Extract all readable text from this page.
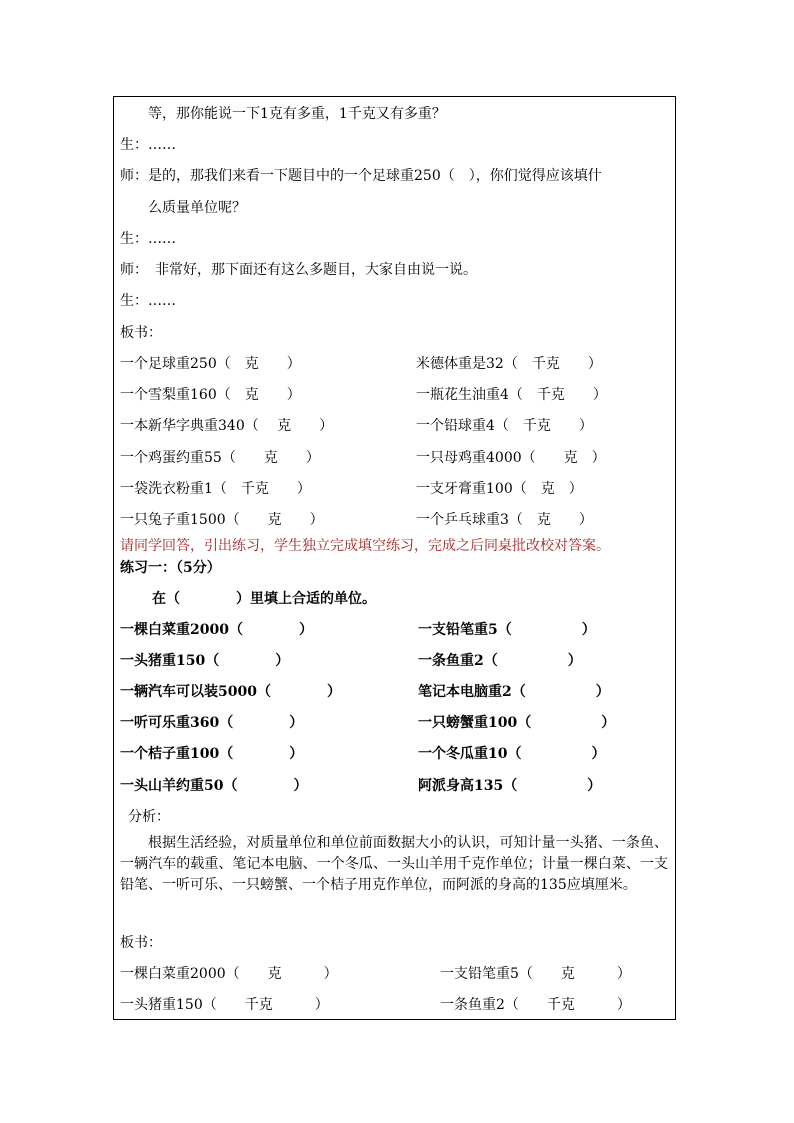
等，那你能说一下1克有多重，1千克又有多重？
生：……
师：是的，那我们来看一下题目中的一个足球重250（　），你们觉得应该填什
么质量单位呢？
生：……
师：　非常好，那下面还有这么多题目，大家自由说一说。
生：……
板书：
一个足球重250（　克　　）	米德体重是32（　千克　　）
一个雪梨重160（　克　　）	一瓶花生油重4（　千克　　）
一本新华字典重340（　 克　　）	一个铅球重4（　千克　　）
一个鸡蛋约重55（　　克　　）	一只母鸡重4000（　　克　）
一袋洗衣粉重1（　千克　　）	一支牙膏重100（　克　）
一只兔子重1500（　　克　　）	一个乒乓球重3（　克　　）
请同学回答，引出练习，学生独立完成填空练习，完成之后同桌批改校对答案。
练习一：（5分）
在（　　　　）里填上合适的单位。
一棵白菜重2000（　　　　）	一支铅笔重5（　　　　　）
一头猪重150（　　　　）	一条鱼重2（　　　　　）
一辆汽车可以装5000（　　　　）	笔记本电脑重2（　　　　　）
一听可乐重360（　　　　）	一只螃蟹重100（　　　　　）
一个桔子重100（　　　　）	一个冬瓜重10（　　　　　）
一头山羊约重50（　　　　）	阿派身高135（　　　　　）
分析：
根据生活经验，对质量单位和单位前面数据大小的认识，可知计量一头猪、一条鱼、一辆汽车的载重、笔记本电脑、一个冬瓜、一头山羊用千克作单位；计量一棵白菜、一支铅笔、一听可乐、一只螃蟹、一个桔子用克作单位，而阿派的身高的135应填厘米。
板书：
一棵白菜重2000（　　克　　　）	一支铅笔重5（　　克　　　）
一头猪重150（　　千克　　　）	一条鱼重2（　　千克　　　）
